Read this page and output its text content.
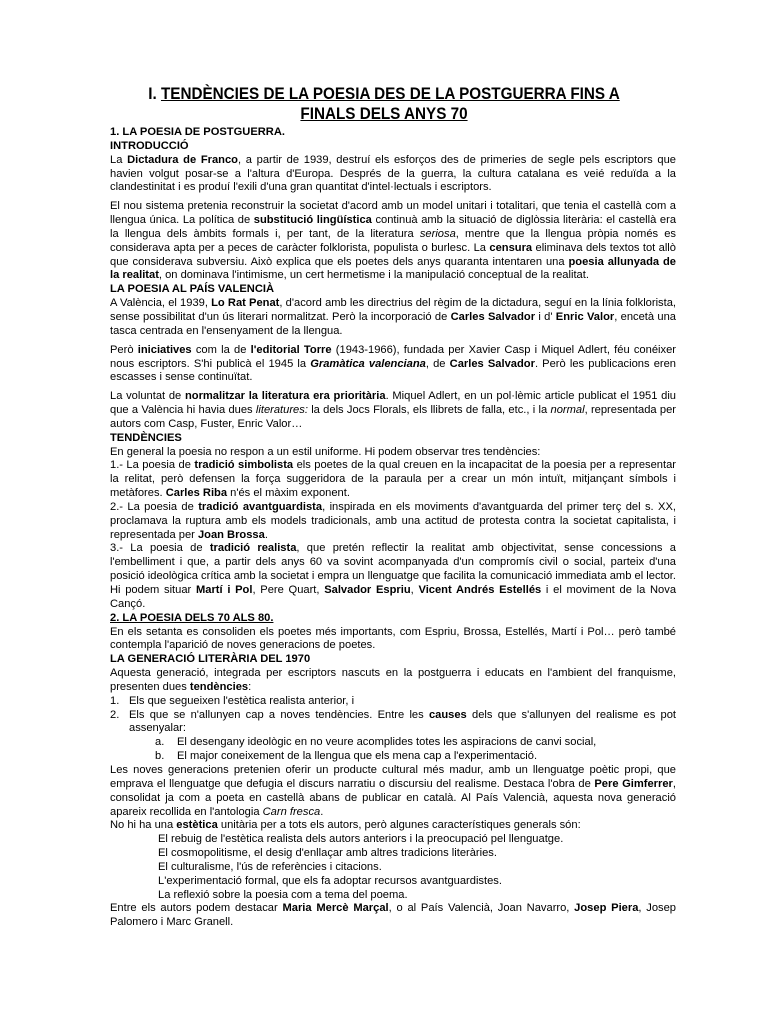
I. TENDÈNCIES DE LA POESIA DES DE LA POSTGUERRA FINS A FINALS DELS ANYS 70

1. LA POESIA DE POSTGUERRA.

INTRODUCCIÓ

La Dictadura de Franco, a partir de 1939, destruí els esforços des de primeries de segle pels escriptors que havien volgut posar-se a l'altura d'Europa. Després de la guerra, la cultura catalana es veié reduïda a la clandestinitat i es produí l'exili d'una gran quantitat d'intel·lectuals i escriptors.

El nou sistema pretenia reconstruir la societat d'acord amb un model unitari i totalitari, que tenia el castellà com a llengua única. La política de substitució lingüística continuà amb la situació de diglòssia literària: el castellà era la llengua dels àmbits formals i, per tant, de la literatura seriosa, mentre que la llengua pròpia només es considerava apta per a peces de caràcter folklorista, populista o burlesc. La censura eliminava dels textos tot allò que considerava subversiu. Això explica que els poetes dels anys quaranta intentaren una poesia allunyada de la realitat, on dominava l'intimisme, un cert hermetisme i la manipulació conceptual de la realitat.

LA POESIA AL PAÍS VALENCIÀ

A València, el 1939, Lo Rat Penat, d'acord amb les directrius del règim de la dictadura, seguí en la línia folklorista, sense possibilitat d'un ús literari normalitzat. Però la incorporació de Carles Salvador i d' Enric Valor, encetà una tasca centrada en l'ensenyament de la llengua.

Però iniciatives com la de l'editorial Torre (1943-1966), fundada per Xavier Casp i Miquel Adlert, féu conéixer nous escriptors. S'hi publicà el 1945 la Gramàtica valenciana, de Carles Salvador. Però les publicacions eren escasses i sense continuïtat.

La voluntat de normalitzar la literatura era prioritària. Miquel Adlert, en un pol·lèmic article publicat el 1951 diu que a València hi havia dues literatures: la dels Jocs Florals, els llibrets de falla, etc., i la normal, representada per autors com Casp, Fuster, Enric Valor…

TENDÈNCIES

En general la poesia no respon a un estil uniforme. Hi podem observar tres tendències:

1.- La poesia de tradició simbolista els poetes de la qual creuen en la incapacitat de la poesia per a representar la relitat, però defensen la força suggeridora de la paraula per a crear un món intuït, mitjançant símbols i metàfores. Carles Riba n'és el màxim exponent.

2.- La poesia de tradició avantguardista, inspirada en els moviments d'avantguarda del primer terç del s. XX, proclamava la ruptura amb els models tradicionals, amb una actitud de protesta contra la societat capitalista, i representada per Joan Brossa.

3.- La poesia de tradició realista, que pretén reflectir la realitat amb objectivitat, sense concessions a l'embelliment i que, a partir dels anys 60 va sovint acompanyada d'un compromís civil o social, parteix d'una posició ideològica crítica amb la societat i empra un llenguatge que facilita la comunicació immediata amb el lector. Hi podem situar Martí i Pol, Pere Quart, Salvador Espriu, Vicent Andrés Estellés i el moviment de la Nova Cançó.

2. LA POESIA DELS 70 ALS 80.

En els setanta es consoliden els poetes més importants, com Espriu, Brossa, Estellés, Martí i Pol… però també contempla l'aparició de noves generacions de poetes.

LA GENERACIÓ LITERÀRIA DEL 1970

Aquesta generació, integrada per escriptors nascuts en la postguerra i educats en l'ambient del franquisme, presenten dues tendències:

1. Els que segueixen l'estètica realista anterior, i
2. Els que se n'allunyen cap a noves tendències. Entre les causes dels que s'allunyen del realisme es pot assenyalar:
a. El desengany ideològic en no veure acomplides totes les aspiracions de canvi social,
b. El major coneixement de la llengua que els mena cap a l'experimentació.

Les noves generacions pretenien oferir un producte cultural més madur, amb un llenguatge poètic propi, que emprava el llenguatge que defugia el discurs narratiu o discursiu del realisme. Destaca l'obra de Pere Gimferrer, consolidat ja com a poeta en castellà abans de publicar en català. Al País Valencià, aquesta nova generació apareix recollida en l'antologia Carn fresca.

No hi ha una estètica unitària per a tots els autors, però algunes característiques generals són:

El rebuig de l'estètica realista dels autors anteriors i la preocupació pel llenguatge.

El cosmopolitisme, el desig d'enllaçar amb altres tradicions literàries.

El culturalisme, l'ús de referències i citacions.

L'experimentació formal, que els fa adoptar recursos avantguardistes.

La reflexió sobre la poesia com a tema del poema.

Entre els autors podem destacar Maria Mercè Marçal, o al País Valencià, Joan Navarro, Josep Piera, Josep Palomero i Marc Granell.
